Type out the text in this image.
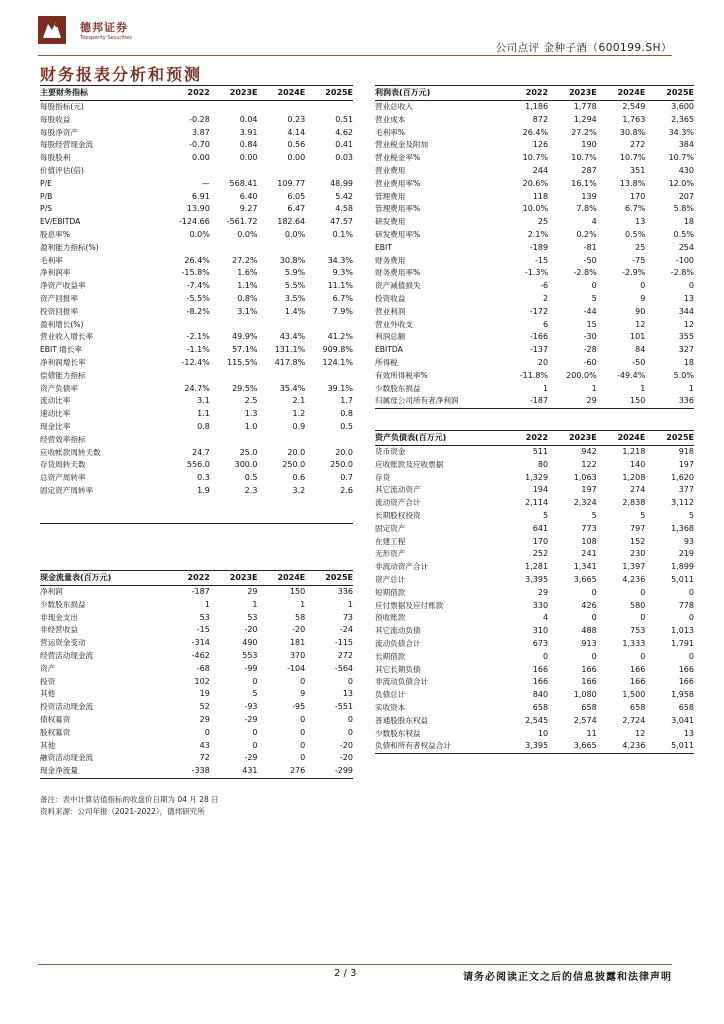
德邦证券
Topsperity Securities
公司点评 金种子酒（600199.SH）
财务报表分析和预测
主要财务指标	2022	2023E	2024E	2025E
每股指标(元)				
每股收益	-0.28	0.04	0.23	0.51
每股净资产	3.87	3.91	4.14	4.62
每股经营现金流	-0.70	0.84	0.56	0.41
每股股利	0.00	0.00	0.00	0.03
价值评估(倍)				
P/E	—	568.41	109.77	48.99
P/B	6.91	6.40	6.05	5.42
P/S	13.90	9.27	6.47	4.58
EV/EBITDA	-124.66	-561.72	182.64	47.57
股息率%	0.0%	0.0%	0.0%	0.1%
盈利能力指标(%)				
毛利率	26.4%	27.2%	30.8%	34.3%
净利润率	-15.8%	1.6%	5.9%	9.3%
净资产收益率	-7.4%	1.1%	5.5%	11.1%
资产回报率	-5.5%	0.8%	3.5%	6.7%
投资回报率	-8.2%	3.1%	1.4%	7.9%
盈利增长(%)				
营业收入增长率	-2.1%	49.9%	43.4%	41.2%
EBIT 增长率	-1.1%	57.1%	131.1%	909.8%
净利润增长率	-12.4%	115.5%	417.8%	124.1%
偿债能力指标				
资产负债率	24.7%	29.5%	35.4%	39.1%
流动比率	3.1	2.5	2.1	1.7
速动比率	1.1	1.3	1.2	0.8
现金比率	0.8	1.0	0.9	0.5
经营效率指标				
应收帐款周转天数	24.7	25.0	20.0	20.0
存货周转天数	556.0	300.0	250.0	250.0
总资产周转率	0.3	0.5	0.6	0.7
固定资产周转率	1.9	2.3	3.2	2.6

现金流量表(百万元)	2022	2023E	2024E	2025E
净利润	-187	29	150	336
少数股东损益	1	1	1	1
非现金支出	53	53	58	73
非经营收益	-15	-20	-20	-24
营运资金变动	-314	490	181	-115
经营活动现金流	-462	553	370	272
资产	-68	-99	-104	-564
投资	102	0	0	0
其他	19	5	9	13
投资活动现金流	52	-93	-95	-551
债权募资	29	-29	0	0
股权募资	0	0	0	0
其他	43	0	0	-20
融资活动现金流	72	-29	0	-20
现金净流量	-338	431	276	-299
利润表(百万元)	2022	2023E	2024E	2025E
营业总收入	1,186	1,778	2,549	3,600
营业成本	872	1,294	1,763	2,365
毛利率%	26.4%	27.2%	30.8%	34.3%
营业税金及附加	126	190	272	384
营业税金率%	10.7%	10.7%	10.7%	10.7%
营业费用	244	287	351	430
营业费用率%	20.6%	16.1%	13.8%	12.0%
管理费用	118	139	170	207
管理费用率%	10.0%	7.8%	6.7%	5.8%
研发费用	25	4	13	18
研发费用率%	2.1%	0.2%	0.5%	0.5%
EBIT	-189	-81	25	254
财务费用	-15	-50	-75	-100
财务费用率%	-1.3%	-2.8%	-2.9%	-2.8%
资产减值损失	-6	0	0	0
投资收益	2	5	9	13
营业利润	-172	-44	90	344
营业外收支	6	15	12	12
利润总额	-166	-30	101	355
EBITDA	-137	-28	84	327
所得税	20	-60	-50	18
有效所得税率%	-11.8%	200.0%	-49.4%	5.0%
少数股东损益	1	1	1	1
归属母公司所有者净利润	-187	29	150	336
资产负债表(百万元)	2022	2023E	2024E	2025E
货币资金	511	942	1,218	918
应收账款及应收票据	80	122	140	197
存货	1,329	1,063	1,208	1,620
其它流动资产	194	197	274	377
流动资产合计	2,114	2,324	2,838	3,112
长期股权投资	5	5	5	5
固定资产	641	773	797	1,368
在建工程	170	108	152	93
无形资产	252	241	230	219
非流动资产合计	1,281	1,341	1,397	1,899
资产总计	3,395	3,665	4,236	5,011
短期借款	29	0	0	0
应付票据及应付账款	330	426	580	778
预收账款	4	0	0	0
其它流动负债	310	488	753	1,013
流动负债合计	673	913	1,333	1,791
长期借款	0	0	0	0
其它长期负债	166	166	166	166
非流动负债合计	166	166	166	166
负债总计	840	1,080	1,500	1,958
实收资本	658	658	658	658
普通股股东权益	2,545	2,574	2,724	3,041
少数股东权益	10	11	12	13
负债和所有者权益合计	3,395	3,665	4,236	5,011
备注：表中计算估值指标的收盘价日期为 04 月 28 日
资料来源：公司年报（2021-2022），德邦研究所
2 / 3	请务必阅读正文之后的信息披露和法律声明
